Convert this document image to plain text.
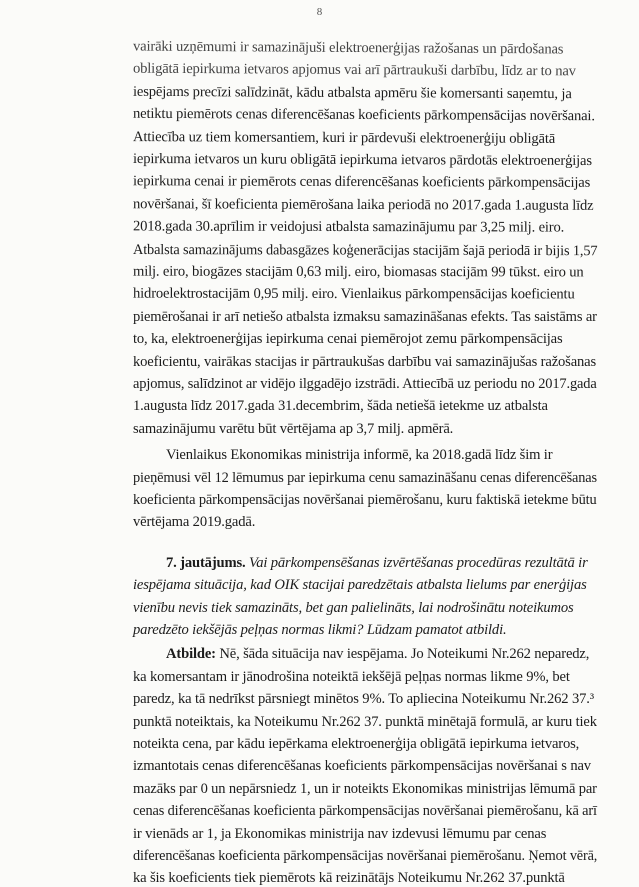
8
vairāki uzņēmumi ir samazinājuši elektroenerģijas ražošanas un pārdošanas
obligātā iepirkuma ietvaros apjomus vai arī pārtraukuši darbību, līdz ar to nav
iespējams precīzi salīdzināt, kādu atbalsta apmēru šie komersanti saņemtu, ja
netiktu piemērots cenas diferencēšanas koeficients pārkompensācijas novēršanai.
Attiecība uz tiem komersantiem, kuri ir pārdevuši elektroenerģiju obligātā
iepirkuma ietvaros un kuru obligātā iepirkuma ietvaros pārdotās elektroenerģijas
iepirkuma cenai ir piemērots cenas diferencēšanas koeficients pārkompensācijas
novēršanai, šī koeficienta piemērošana laika periodā no 2017.gada 1.augusta līdz
2018.gada 30.aprīlim ir veidojusi atbalsta samazinājumu par 3,25 milj. eiro.
Atbalsta samazinājums dabasgāzes koģenerācijas stacijām šajā periodā ir bijis 1,57
milj. eiro, biogāzes stacijām 0,63 milj. eiro, biomasas stacijām 99 tūkst. eiro un
hidroelektrostacijām 0,95 milj. eiro. Vienlaikus pārkompensācijas koeficientu
piemērošanai ir arī netiešo atbalsta izmaksu samazināšanas efekts. Tas saistāms ar
to, ka, elektroenerģijas iepirkuma cenai piemērojot zemu pārkompensācijas
koeficientu, vairākas stacijas ir pārtraukušas darbību vai samazinājušas ražošanas
apjomus, salīdzinot ar vidējo ilggadējo izstrādi. Attiecībā uz periodu no 2017.gada
1.augusta līdz 2017.gada 31.decembrim, šāda netiešā ietekme uz atbalsta
samazinājumu varētu būt vērtējama ap 3,7 milj. apmērā.
Vienlaikus Ekonomikas ministrija informē, ka 2018.gadā līdz šim ir
pieņēmusi vēl 12 lēmumus par iepirkuma cenu samazināšanu cenas diferencēšanas
koeficienta pārkompensācijas novēršanai piemērošanu, kuru faktiskā ietekme būtu
vērtējama 2019.gadā.
7. jautājums. Vai pārkompensēšanas izvērtēšanas procedūras rezultātā ir
iespējama situācija, kad OIK stacijai paredzētais atbalsta lielums par enerģijas
vienību nevis tiek samazināts, bet gan palielināts, lai nodrošinātu noteikumos
paredzēto iekšējās peļņas normas likmi? Lūdzam pamatot atbildi.
Atbilde: Nē, šāda situācija nav iespējama. Jo Noteikumi Nr.262 neparedz,
ka komersantam ir jānodrošina noteiktā iekšējā peļņas normas likme 9%, bet
paredz, ka tā nedrīkst pārsniegt minētos 9%. To apliecina Noteikumu Nr.262 37.³
punktā noteiktais, ka Noteikumu Nr.262 37. punktā minētajā formulā, ar kuru tiek
noteikta cena, par kādu iepērkama elektroenerģija obligātā iepirkuma ietvaros,
izmantotais cenas diferencēšanas koeficients pārkompensācijas novēršanai s nav
mazāks par 0 un nepārsniedz 1, un ir noteikts Ekonomikas ministrijas lēmumā par
cenas diferencēšanas koeficienta pārkompensācijas novēršanai piemērošanu, kā arī
ir vienāds ar 1, ja Ekonomikas ministrija nav izdevusi lēmumu par cenas
diferencēšanas koeficienta pārkompensācijas novēršanai piemērošanu. Ņemot vērā,
ka šis koeficients tiek piemērots kā reizinātājs Noteikumu Nr.262 37.punktā
